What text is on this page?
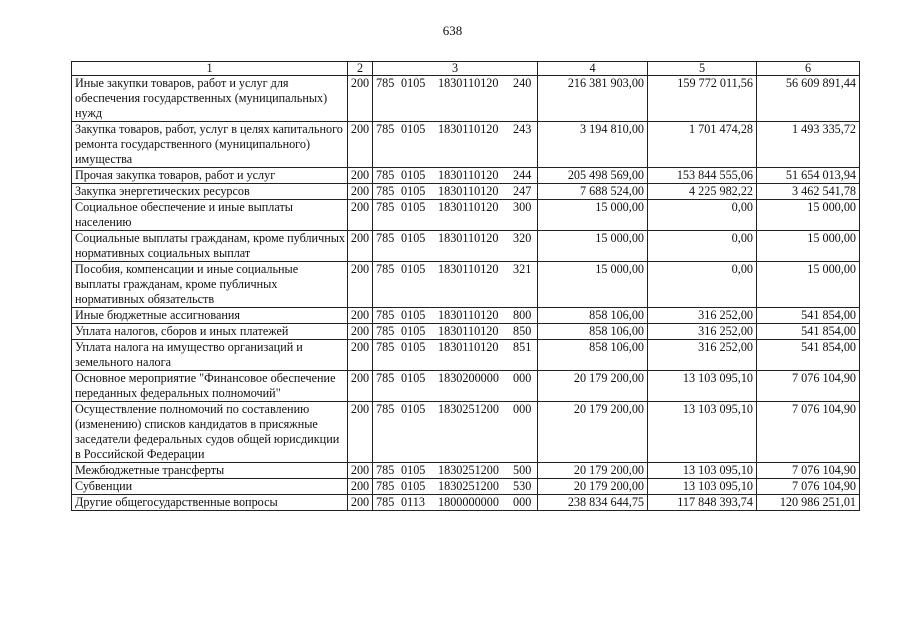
638
1	2	3	4	5	6
Иные закупки товаров, работ и услуг для обеспечения государственных (муниципальных) нужд	200	785 0105 1830110120 240	216 381 903,00	159 772 011,56	56 609 891,44
Закупка товаров, работ, услуг в целях капитального ремонта государственного (муниципального) имущества	200	785 0105 1830110120 243	3 194 810,00	1 701 474,28	1 493 335,72
Прочая закупка товаров, работ и услуг	200	785 0105 1830110120 244	205 498 569,00	153 844 555,06	51 654 013,94
Закупка энергетических ресурсов	200	785 0105 1830110120 247	7 688 524,00	4 225 982,22	3 462 541,78
Социальное обеспечение и иные выплаты населению	200	785 0105 1830110120 300	15 000,00	0,00	15 000,00
Социальные выплаты гражданам, кроме публичных нормативных социальных выплат	200	785 0105 1830110120 320	15 000,00	0,00	15 000,00
Пособия, компенсации и иные социальные выплаты гражданам, кроме публичных нормативных обязательств	200	785 0105 1830110120 321	15 000,00	0,00	15 000,00
Иные бюджетные ассигнования	200	785 0105 1830110120 800	858 106,00	316 252,00	541 854,00
Уплата налогов, сборов и иных платежей	200	785 0105 1830110120 850	858 106,00	316 252,00	541 854,00
Уплата налога на имущество организаций и земельного налога	200	785 0105 1830110120 851	858 106,00	316 252,00	541 854,00
Основное мероприятие "Финансовое обеспечение переданных федеральных полномочий"	200	785 0105 1830200000 000	20 179 200,00	13 103 095,10	7 076 104,90
Осуществление полномочий по составлению (изменению) списков кандидатов в присяжные заседатели федеральных судов общей юрисдикции в Российской Федерации	200	785 0105 1830251200 000	20 179 200,00	13 103 095,10	7 076 104,90
Межбюджетные трансферты	200	785 0105 1830251200 500	20 179 200,00	13 103 095,10	7 076 104,90
Субвенции	200	785 0105 1830251200 530	20 179 200,00	13 103 095,10	7 076 104,90
Другие общегосударственные вопросы	200	785 0113 1800000000 000	238 834 644,75	117 848 393,74	120 986 251,01
